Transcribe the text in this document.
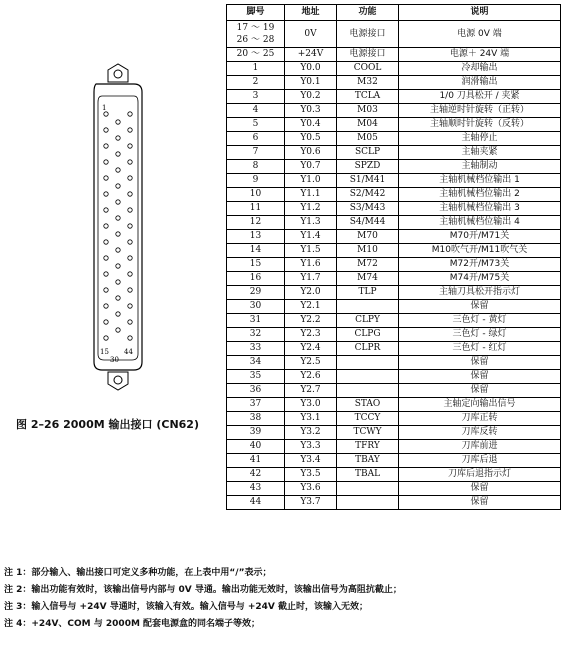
1
15 44
30
图 2–26 2000M 输出接口 (CN62)
脚号	地址	功能	说明
17 ～ 19
26 ～ 28	0V	电源接口	电源 0V 端
20 ～ 25	+24V	电源接口	电源＋ 24V 端
1	Y0.0	COOL	冷却输出
2	Y0.1	M32	润滑输出
3	Y0.2	TCLA	1/0 刀具松开 / 夹紧
4	Y0.3	M03	主轴逆时针旋转（正转）
5	Y0.4	M04	主轴顺时针旋转（反转）
6	Y0.5	M05	主轴停止
7	Y0.6	SCLP	主轴夹紧
8	Y0.7	SPZD	主轴制动
9	Y1.0	S1/M41	主轴机械档位输出 1
10	Y1.1	S2/M42	主轴机械档位输出 2
11	Y1.2	S3/M43	主轴机械档位输出 3
12	Y1.3	S4/M44	主轴机械档位输出 4
13	Y1.4	M70	M70开/M71关
14	Y1.5	M10	M10吹气开/M11吹气关
15	Y1.6	M72	M72开/M73关
16	Y1.7	M74	M74开/M75关
29	Y2.0	TLP	主轴刀具松开指示灯
30	Y2.1		保留
31	Y2.2	CLPY	三色灯 - 黄灯
32	Y2.3	CLPG	三色灯 - 绿灯
33	Y2.4	CLPR	三色灯 - 红灯
34	Y2.5		保留
35	Y2.6		保留
36	Y2.7		保留
37	Y3.0	STAO	主轴定向输出信号
38	Y3.1	TCCY	刀库正转
39	Y3.2	TCWY	刀库反转
40	Y3.3	TFRY	刀库前进
41	Y3.4	TBAY	刀库后退
42	Y3.5	TBAL	刀库后退指示灯
43	Y3.6		保留
44	Y3.7		保留
注 1：部分输入、输出接口可定义多种功能，在上表中用“/”表示；
注 2：输出功能有效时，该输出信号内部与 0V 导通。输出功能无效时，该输出信号为高阻抗截止；
注 3：输入信号与 +24V 导通时，该输入有效。输入信号与 +24V 截止时，该输入无效；
注 4：+24V、COM 与 2000M 配套电源盒的同名端子等效；
